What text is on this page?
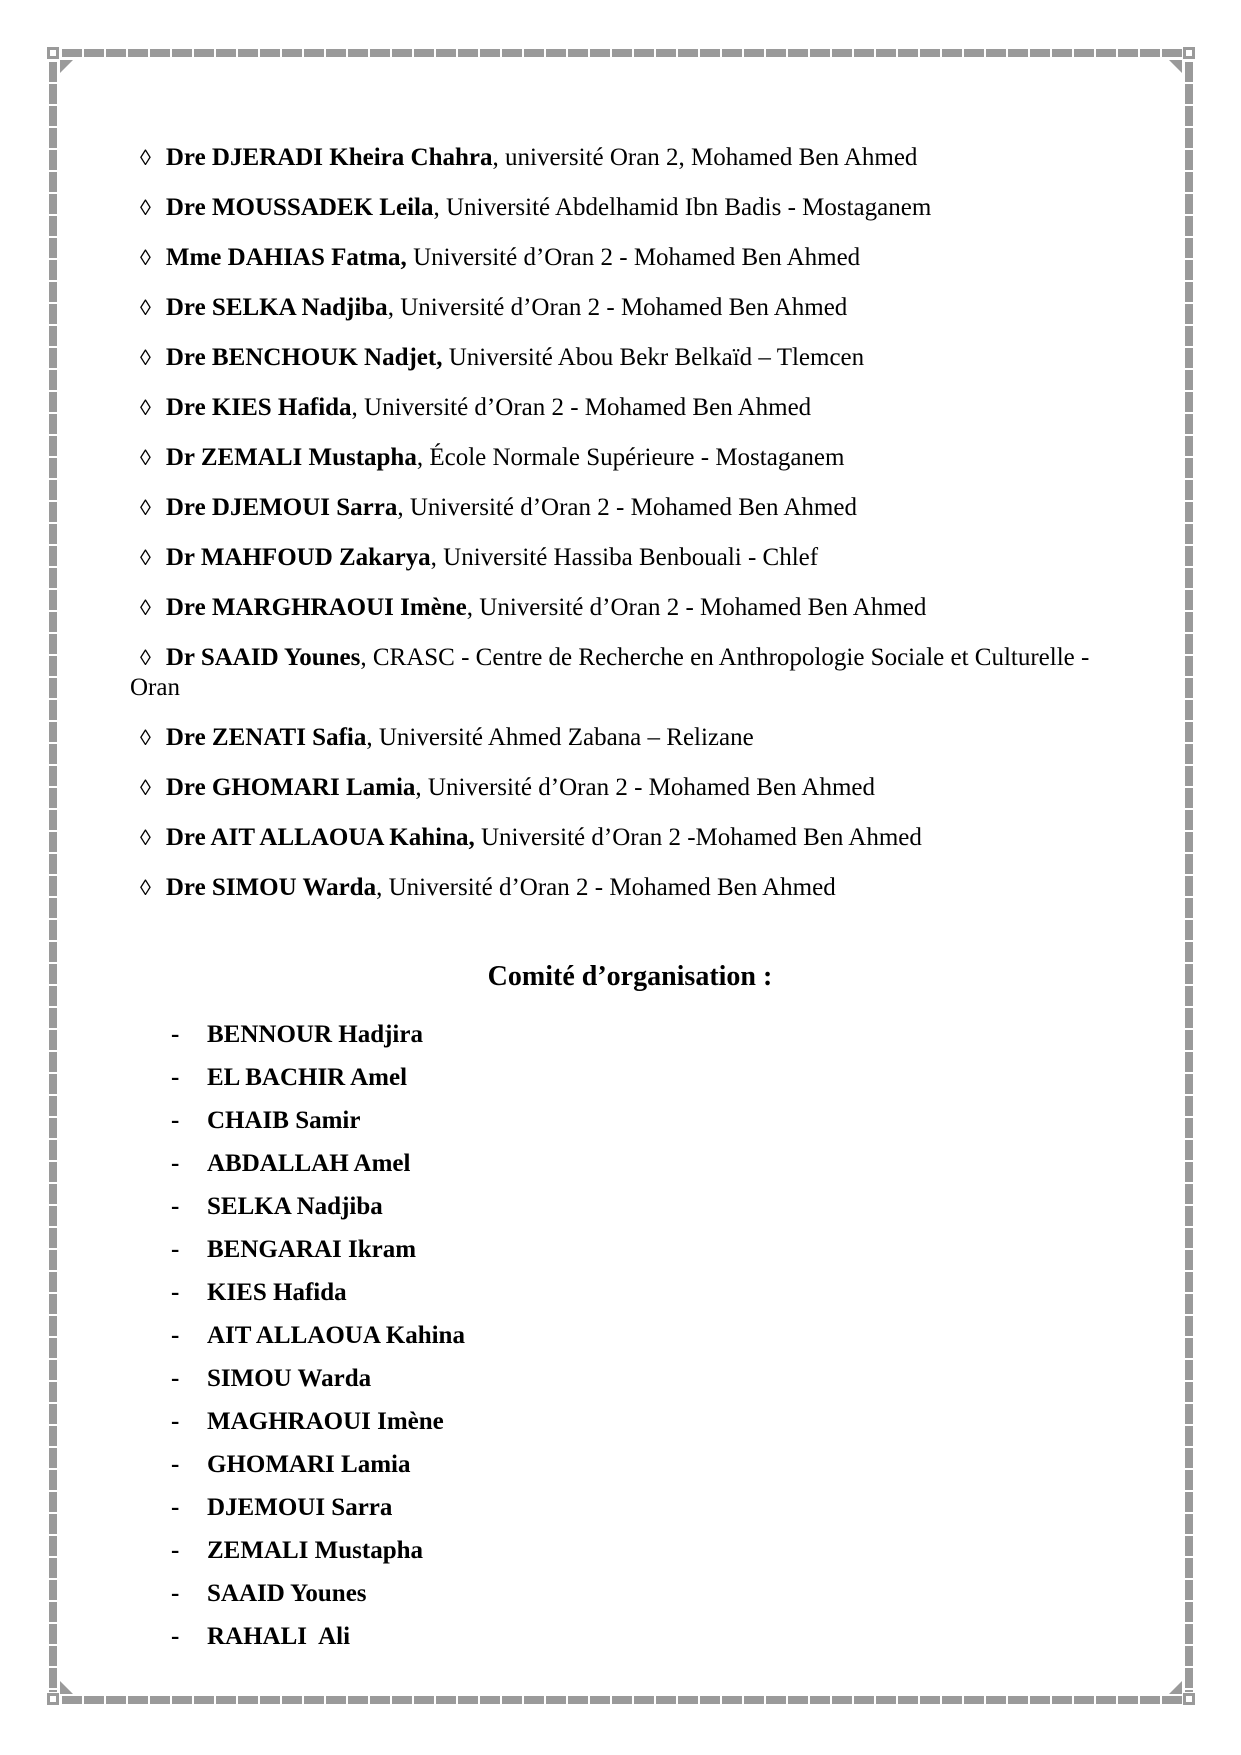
◊ Dre DJERADI Kheira Chahra, université Oran 2, Mohamed Ben Ahmed
◊ Dre MOUSSADEK Leila, Université Abdelhamid Ibn Badis - Mostaganem
◊ Mme DAHIAS Fatma, Université d’Oran 2 - Mohamed Ben Ahmed
◊ Dre SELKA Nadjiba, Université d’Oran 2 - Mohamed Ben Ahmed
◊ Dre BENCHOUK Nadjet, Université Abou Bekr Belkaïd – Tlemcen
◊ Dre KIES Hafida, Université d’Oran 2 - Mohamed Ben Ahmed
◊ Dr ZEMALI Mustapha, École Normale Supérieure - Mostaganem
◊ Dre DJEMOUI Sarra, Université d’Oran 2 - Mohamed Ben Ahmed
◊ Dr MAHFOUD Zakarya, Université Hassiba Benbouali - Chlef
◊ Dre MARGHRAOUI Imène, Université d’Oran 2 - Mohamed Ben Ahmed
◊ Dr SAAID Younes, CRASC - Centre de Recherche en Anthropologie Sociale et Culturelle - Oran
◊ Dre ZENATI Safia, Université Ahmed Zabana – Relizane
◊ Dre GHOMARI Lamia, Université d’Oran 2 - Mohamed Ben Ahmed
◊ Dre AIT ALLAOUA Kahina, Université d’Oran 2 -Mohamed Ben Ahmed
◊ Dre SIMOU Warda, Université d’Oran 2 - Mohamed Ben Ahmed
Comité d’organisation :
- BENNOUR Hadjira
- EL BACHIR Amel
- CHAIB Samir
- ABDALLAH Amel
- SELKA Nadjiba
- BENGARAI Ikram
- KIES Hafida
- AIT ALLAOUA Kahina
- SIMOU Warda
- MAGHRAOUI Imène
- GHOMARI Lamia
- DJEMOUI Sarra
- ZEMALI Mustapha
- SAAID Younes
- RAHALI  Ali
